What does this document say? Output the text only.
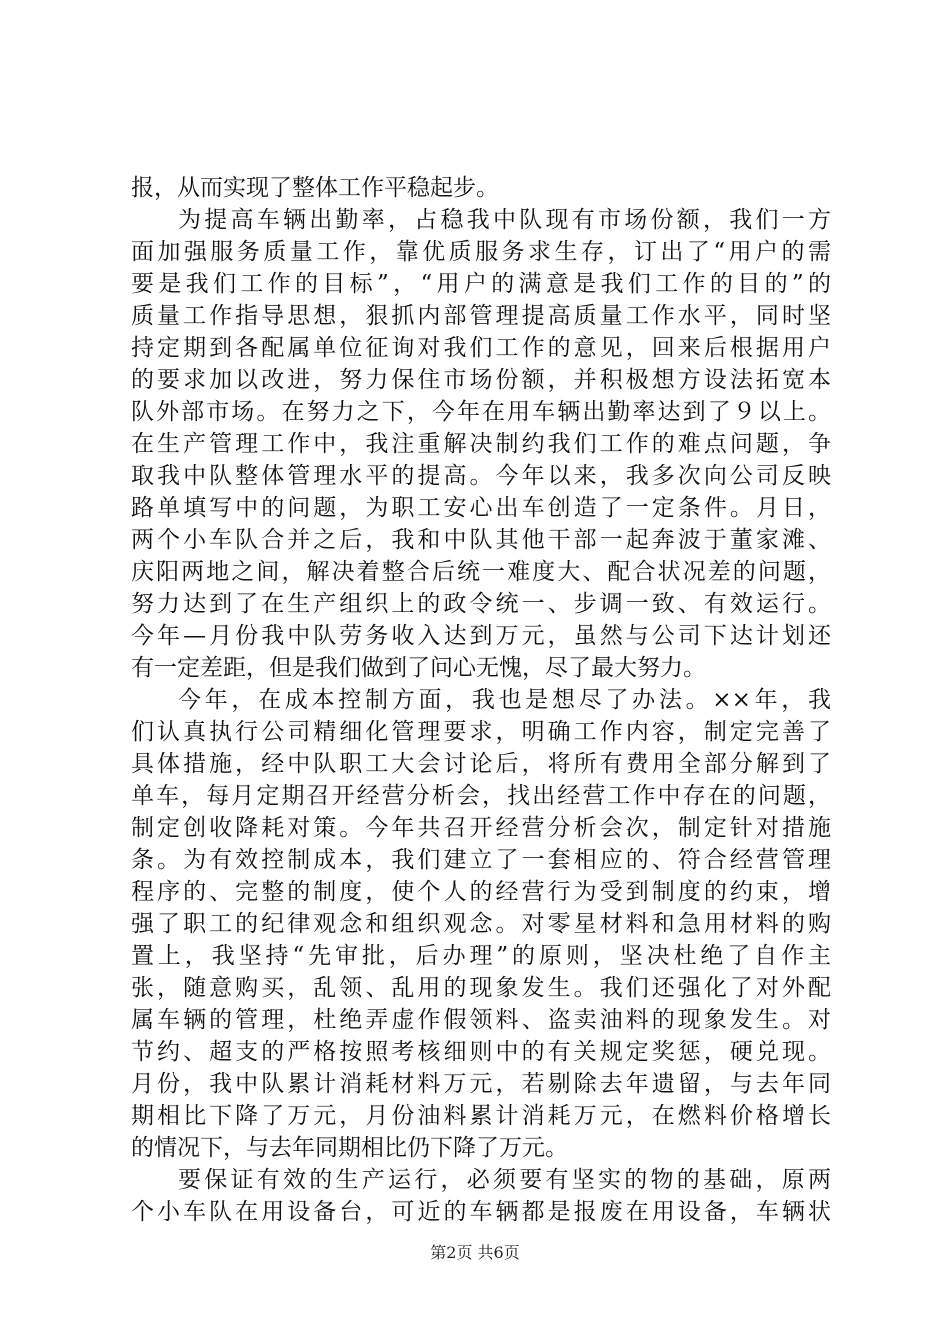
报，从而实现了整体工作平稳起步。
为提高车辆出勤率，占稳我中队现有市场份额，我们一方
面加强服务质量工作，靠优质服务求生存，订出了“用户的需
要是我们工作的目标”，“用户的满意是我们工作的目的”的
质量工作指导思想，狠抓内部管理提高质量工作水平，同时坚
持定期到各配属单位征询对我们工作的意见，回来后根据用户
的要求加以改进，努力保住市场份额，并积极想方设法拓宽本
队外部市场。在努力之下，今年在用车辆出勤率达到了９以上。
在生产管理工作中，我注重解决制约我们工作的难点问题，争
取我中队整体管理水平的提高。今年以来，我多次向公司反映
路单填写中的问题，为职工安心出车创造了一定条件。月日，
两个小车队合并之后，我和中队其他干部一起奔波于董家滩、
庆阳两地之间，解决着整合后统一难度大、配合状况差的问题，
努力达到了在生产组织上的政令统一、步调一致、有效运行。
今年—月份我中队劳务收入达到万元，虽然与公司下达计划还
有一定差距，但是我们做到了问心无愧，尽了最大努力。
今年，在成本控制方面，我也是想尽了办法。××年，我
们认真执行公司精细化管理要求，明确工作内容，制定完善了
具体措施，经中队职工大会讨论后，将所有费用全部分解到了
单车，每月定期召开经营分析会，找出经营工作中存在的问题，
制定创收降耗对策。今年共召开经营分析会次，制定针对措施
条。为有效控制成本，我们建立了一套相应的、符合经营管理
程序的、完整的制度，使个人的经营行为受到制度的约束，增
强了职工的纪律观念和组织观念。对零星材料和急用材料的购
置上，我坚持“先审批，后办理”的原则，坚决杜绝了自作主
张，随意购买，乱领、乱用的现象发生。我们还强化了对外配
属车辆的管理，杜绝弄虚作假领料、盗卖油料的现象发生。对
节约、超支的严格按照考核细则中的有关规定奖惩，硬兑现。
月份，我中队累计消耗材料万元，若剔除去年遗留，与去年同
期相比下降了万元，月份油料累计消耗万元，在燃料价格增长
的情况下，与去年同期相比仍下降了万元。
要保证有效的生产运行，必须要有坚实的物的基础，原两
个小车队在用设备台，可近的车辆都是报废在用设备，车辆状
第2页 共6页
